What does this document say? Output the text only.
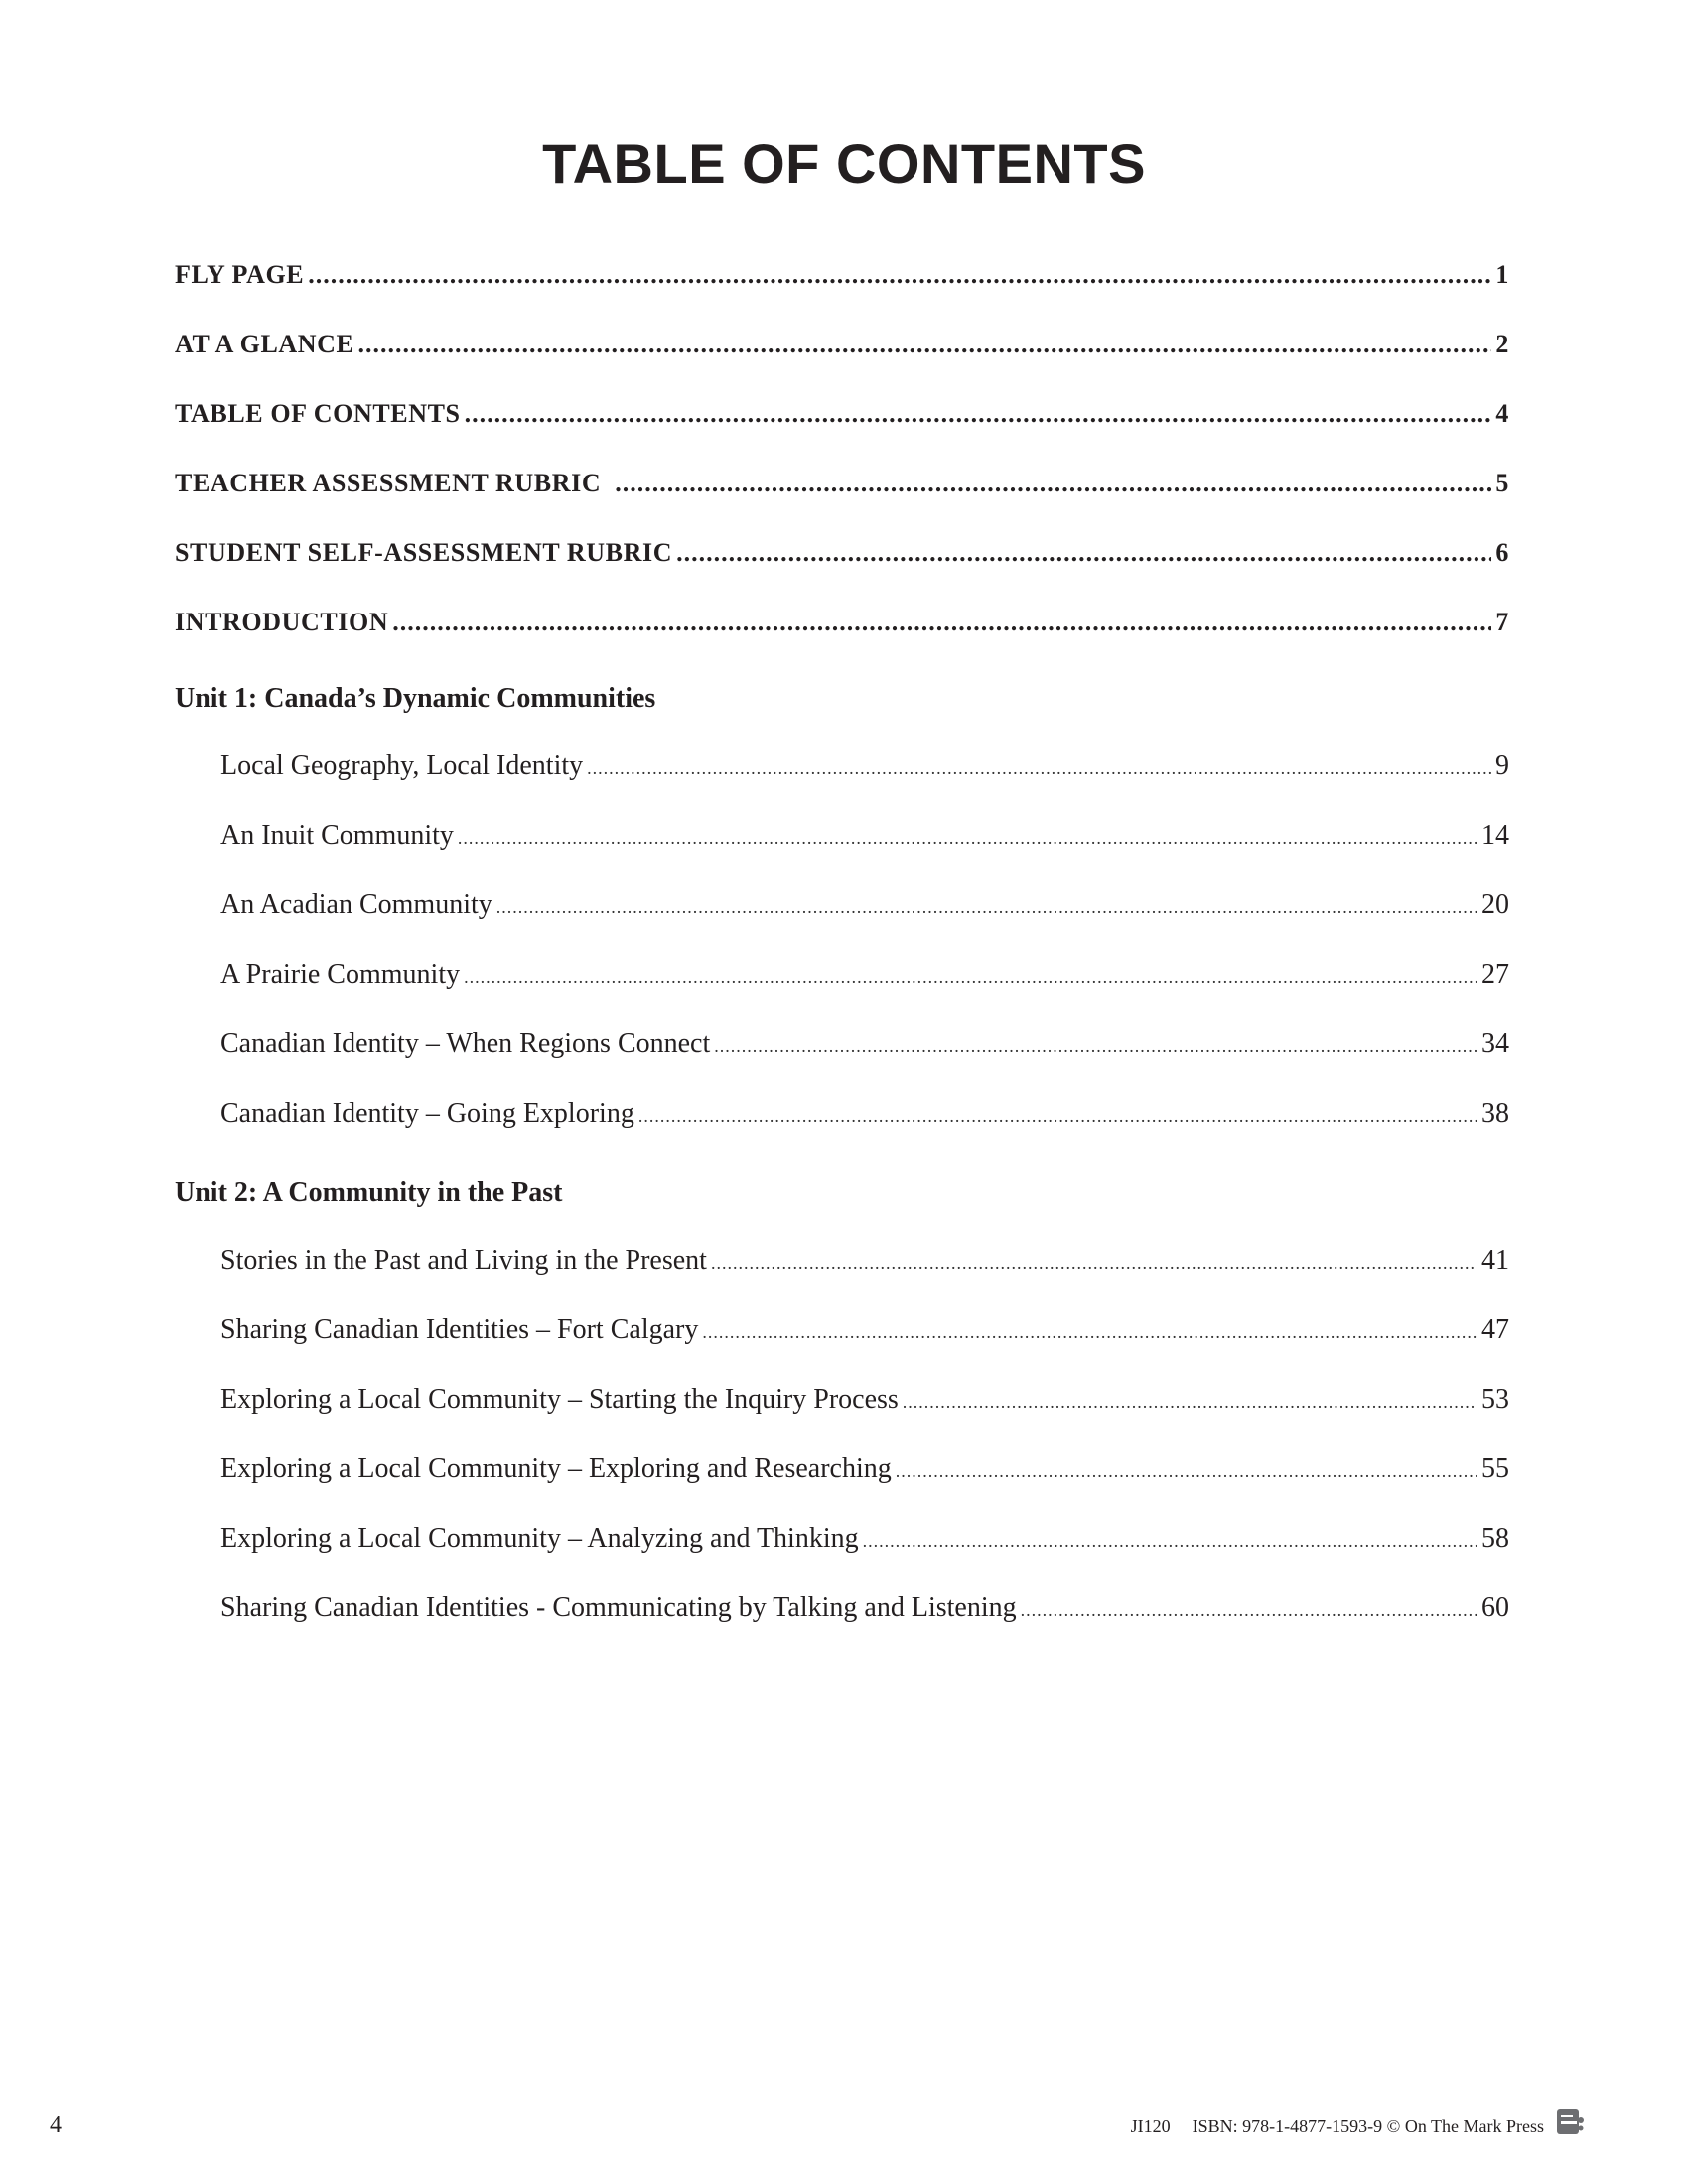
TABLE OF CONTENTS
FLY PAGE .....	1
AT A GLANCE .....	2
TABLE OF CONTENTS .....	4
TEACHER ASSESSMENT RUBRIC .....	5
STUDENT SELF-ASSESSMENT RUBRIC .....	6
INTRODUCTION .....	7
Unit 1: Canada’s Dynamic Communities
Local Geography, Local Identity .....	9
An Inuit Community .....	14
An Acadian Community .....	20
A Prairie Community .....	27
Canadian Identity – When Regions Connect .....	34
Canadian Identity – Going Exploring .....	38
Unit 2: A Community in the Past
Stories in the Past and Living in the Present .....	41
Sharing Canadian Identities – Fort Calgary .....	47
Exploring a Local Community – Starting the Inquiry Process .....	53
Exploring a Local Community – Exploring and Researching .....	55
Exploring a Local Community – Analyzing and Thinking .....	58
Sharing Canadian Identities - Communicating by Talking and Listening .....	60
4	JI120 ISBN: 978-1-4877-1593-9 © On The Mark Press
